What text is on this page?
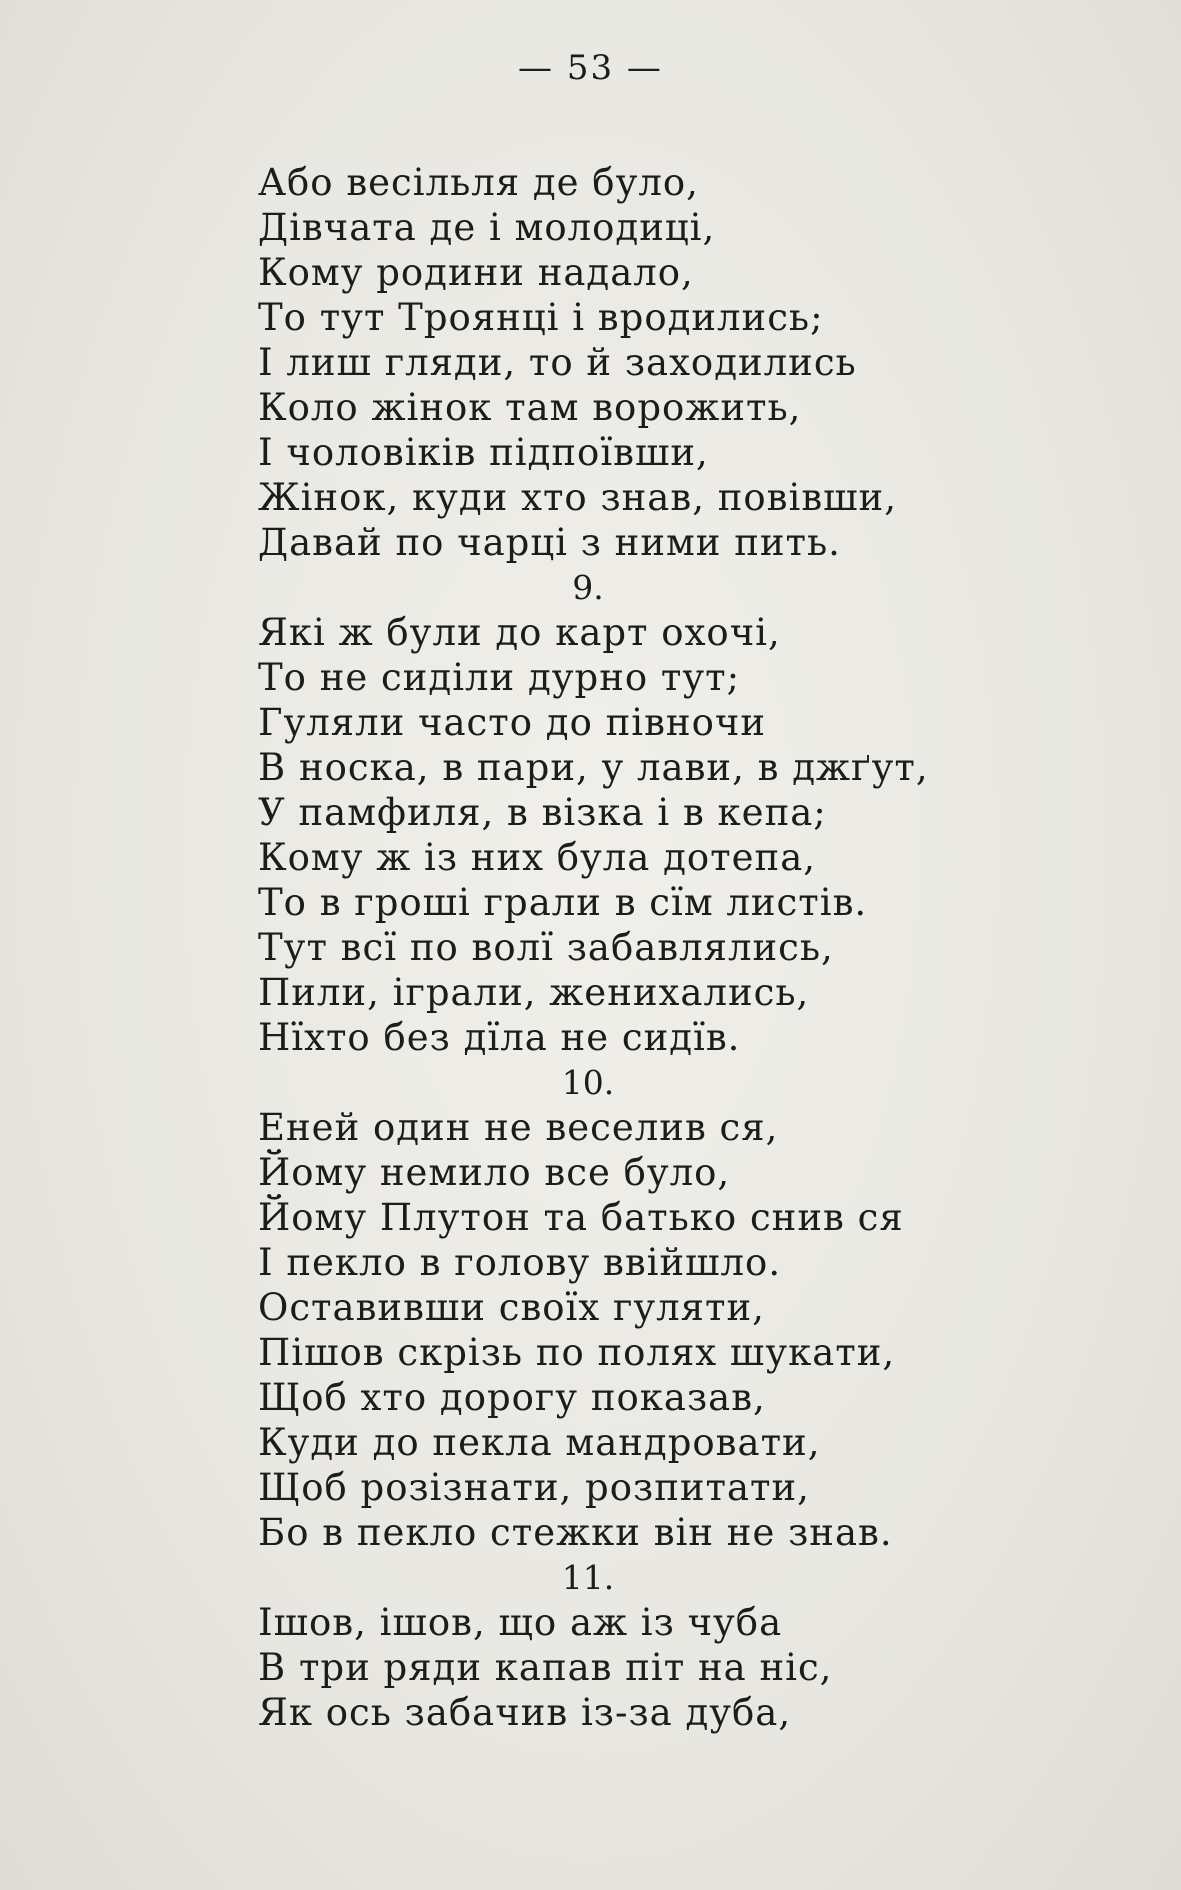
— 53 —
Або весільля де було,
Дівчата де і молодиці,
Кому родини надало,
То тут Троянці і вродились;
І лиш гляди, то й заходились
Коло жінок там ворожить,
І чоловіків підпоївши,
Жінок, куди хто знав, повівши,
Давай по чарці з ними пить.
9.
Які ж були до карт охочі,
То не сиділи дурно тут;
Гуляли часто до півночи
В носка, в пари, у лави, в джґут,
У памфиля, в візка і в кепа;
Кому ж із них була дотепа,
То в гроші грали в сїм листів.
Тут всї по волї забавлялись,
Пили, іграли, женихались,
Нїхто без дїла не сидїв.
10.
Еней один не веселив ся,
Йому немило все було,
Йому Плутон та батько снив ся
І пекло в голову ввійшло.
Оставивши своїх гуляти,
Пішов скрізь по полях шукати,
Щоб хто дорогу показав,
Куди до пекла мандровати,
Щоб розізнати, розпитати,
Бо в пекло стежки він не знав.
11.
Ішов, ішов, що аж із чуба
В три ряди капав піт на ніс,
Як ось забачив із-за дуба,
